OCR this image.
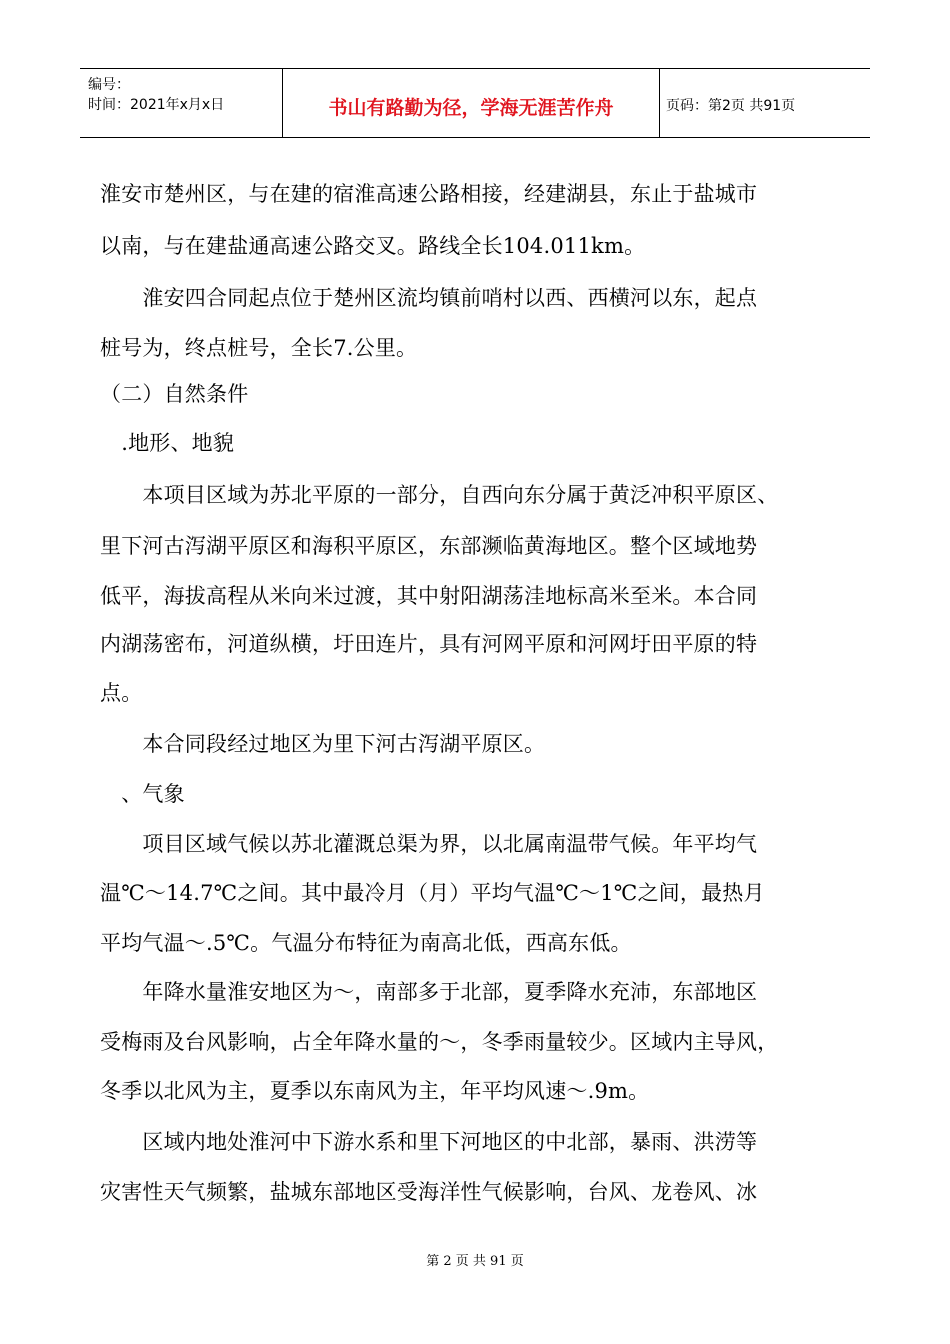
编号：
时间：2021年x月x日	书山有路勤为径，学海无涯苦作舟	页码：第2页 共91页
淮安市楚州区，与在建的宿淮高速公路相接，经建湖县，东止于盐城市
以南，与在建盐通高速公路交叉。路线全长104.011km。
　　淮安四合同起点位于楚州区流均镇前哨村以西、西横河以东，起点
桩号为，终点桩号，全长7.公里。
（二）自然条件
　.地形、地貌
　　本项目区域为苏北平原的一部分，自西向东分属于黄泛冲积平原区、
里下河古泻湖平原区和海积平原区，东部濒临黄海地区。整个区域地势
低平，海拔高程从米向米过渡，其中射阳湖荡洼地标高米至米。本合同
内湖荡密布，河道纵横，圩田连片，具有河网平原和河网圩田平原的特
点。
　　本合同段经过地区为里下河古泻湖平原区。
　、气象
　　项目区域气候以苏北灌溉总渠为界，以北属南温带气候。年平均气
温℃～14.7℃之间。其中最冷月（月）平均气温℃～1℃之间，最热月
平均气温～.5℃。气温分布特征为南高北低，西高东低。
　　年降水量淮安地区为～，南部多于北部，夏季降水充沛，东部地区
受梅雨及台风影响，占全年降水量的～，冬季雨量较少。区域内主导风，
冬季以北风为主，夏季以东南风为主，年平均风速～.9m。
　　区域内地处淮河中下游水系和里下河地区的中北部，暴雨、洪涝等
灾害性天气频繁，盐城东部地区受海洋性气候影响，台风、龙卷风、冰
第 2 页 共 91 页
